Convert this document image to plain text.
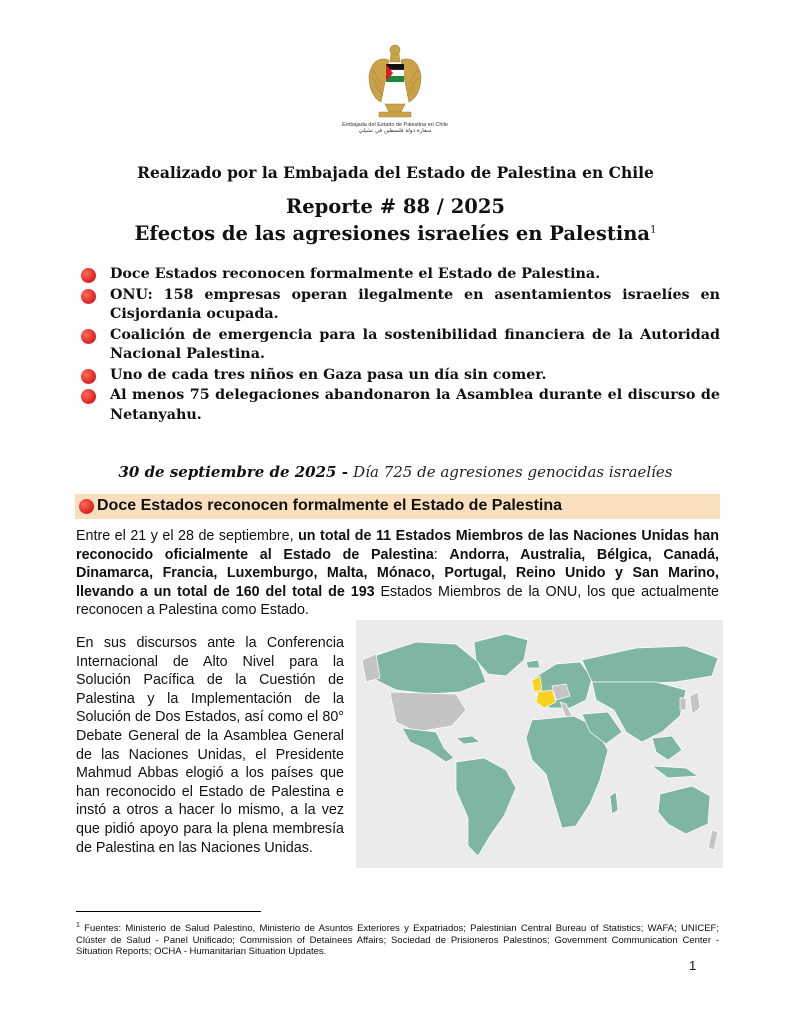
Embajada del Estado de Palestina en Chile
سفارة دولة فلسطين في تشيلي
Realizado por la Embajada del Estado de Palestina en Chile
Reporte # 88 / 2025
Efectos de las agresiones israelíes en Palestina$^1$
Doce Estados reconocen formalmente el Estado de Palestina.
ONU: 158 empresas operan ilegalmente en asentamientos israelíes en Cisjordania ocupada.
Coalición de emergencia para la sostenibilidad financiera de la Autoridad Nacional Palestina.
Uno de cada tres niños en Gaza pasa un día sin comer.
Al menos 75 delegaciones abandonaron la Asamblea durante el discurso de Netanyahu.
30 de septiembre de 2025 - Día 725 de agresiones genocidas israelíes
Doce Estados reconocen formalmente el Estado de Palestina
Entre el 21 y el 28 de septiembre, un total de 11 Estados Miembros de las Naciones Unidas han reconocido oficialmente al Estado de Palestina: Andorra, Australia, Bélgica, Canadá, Dinamarca, Francia, Luxemburgo, Malta, Mónaco, Portugal, Reino Unido y San Marino, llevando a un total de 160 del total de 193 Estados Miembros de la ONU, los que actualmente reconocen a Palestina como Estado.
En sus discursos ante la Conferencia Internacional de Alto Nivel para la Solución Pacífica de la Cuestión de Palestina y la Implementación de la Solución de Dos Estados, así como el 80° Debate General de la Asamblea General de las Naciones Unidas, el Presidente Mahmud Abbas elogió a los países que han reconocido el Estado de Palestina e instó a otros a hacer lo mismo, a la vez que pidió apoyo para la plena membresía de Palestina en las Naciones Unidas.
$^1$ Fuentes: Ministerio de Salud Palestino, Ministerio de Asuntos Exteriores y Expatriados; Palestinian Central Bureau of Statistics; WAFA; UNICEF; Clúster de Salud - Panel Unificado; Commission of Detainees Affairs; Sociedad de Prisioneros Palestinos; Government Communication Center - Situation Reports; OCHA - Humanitarian Situation Updates.
1
